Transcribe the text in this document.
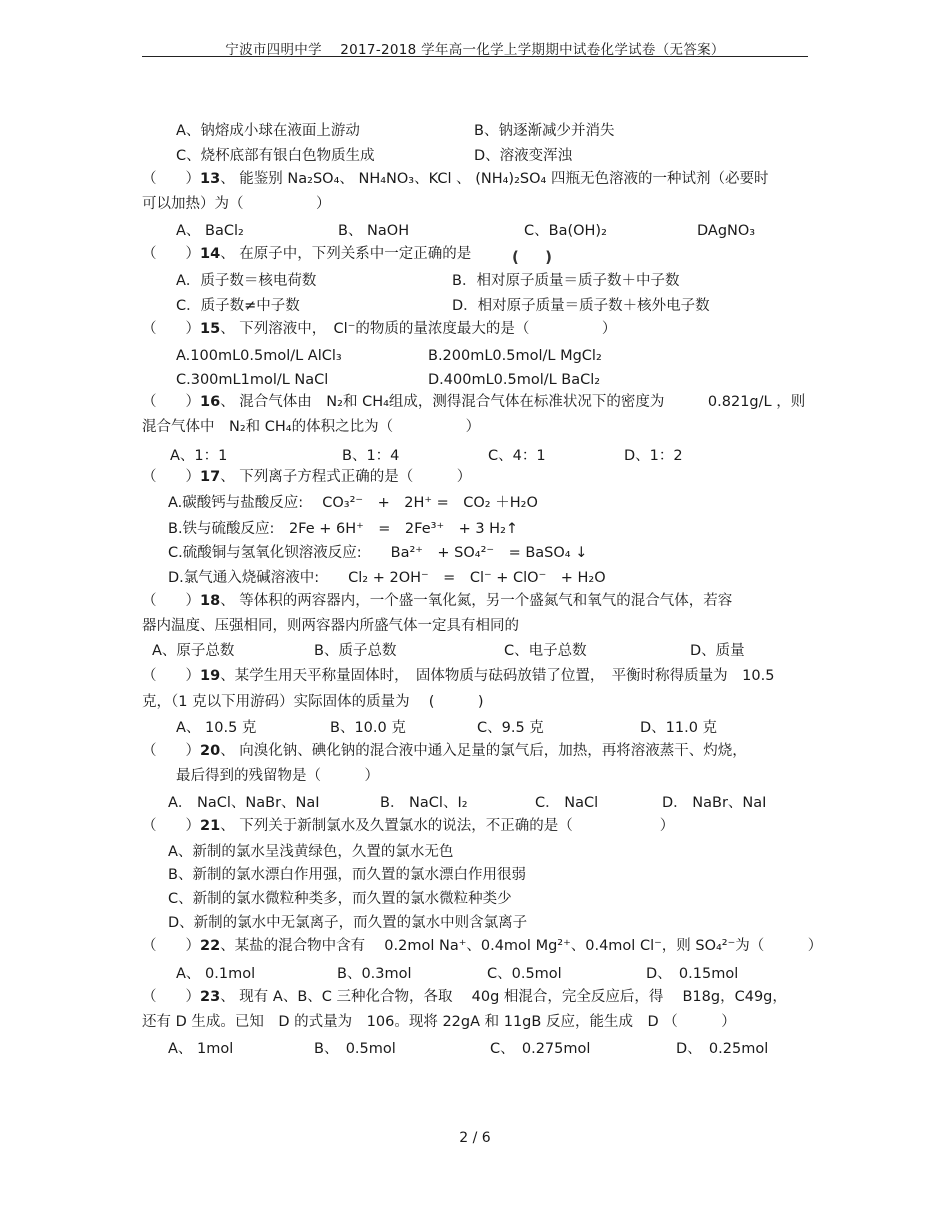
宁波市四明中学　 2017-2018 学年高一化学上学期期中试卷化学试卷（无答案）
A、钠熔成小球在液面上游动	B、钠逐渐减少并消失
C、烧杯底部有银白色物质生成	D、溶液变浑浊
（　　）13、 能鉴别 Na₂SO₄、 NH₄NO₃、KCl 、 (NH₄)₂SO₄ 四瓶无色溶液的一种试剂（必要时
可以加热）为（　　　　　）
A、 BaCl₂	B、 NaOH	C、Ba(OH)₂	DAgNO₃
（　　）14、 在原子中，下列关系中一定正确的是	(　 )
A．质子数＝核电荷数	B．相对原子质量＝质子数＋中子数
C．质子数≠中子数	D．相对原子质量＝质子数＋核外电子数
（　　）15、 下列溶液中，　Cl⁻的物质的量浓度最大的是（　　　　　）
A.100mL0.5mol/L AlCl₃	B.200mL0.5mol/L MgCl₂
C.300mL1mol/L NaCl	D.400mL0.5mol/L BaCl₂
（　　）16、 混合气体由　N₂和 CH₄组成，测得混合气体在标准状况下的密度为　　　0.821g/L ，则
混合气体中　N₂和 CH₄的体积之比为（　　　　　）
A、1：1	B、1：4	C、4：1	D、1：2
（　　）17、 下列离子方程式正确的是（　　　）
A.碳酸钙与盐酸反应:　 CO₃²⁻　+　2H⁺ =　CO₂ ＋H₂O
B.铁与硫酸反应:　2Fe + 6H⁺　=　2Fe³⁺　+ 3 H₂↑
C.硫酸铜与氢氧化钡溶液反应:　　Ba²⁺　+ SO₄²⁻　= BaSO₄ ↓
D.氯气通入烧碱溶液中:　　Cl₂ + 2OH⁻　=　Cl⁻ + ClO⁻　+ H₂O
（　　）18、 等体积的两容器内，一个盛一氧化氮，另一个盛氮气和氧气的混合气体，若容
器内温度、压强相同，则两容器内所盛气体一定具有相同的
A、原子总数	B、质子总数	C、电子总数	D、质量
（　　）19、某学生用天平称量固体时，　固体物质与砝码放错了位置，　平衡时称得质量为　10.5
克，（1 克以下用游码）实际固体的质量为　 (　　　)
A、 10.5 克	B、10.0 克	C、9.5 克	D、11.0 克
（　　）20、 向溴化钠、碘化钠的混合液中通入足量的氯气后，加热，再将溶液蒸干、灼烧，
最后得到的残留物是（　　　）
A． NaCl、NaBr、NaI	B． NaCl、I₂	C． NaCl	D． NaBr、NaI
（　　）21、 下列关于新制氯水及久置氯水的说法，不正确的是（　　　　　　）
A、新制的氯水呈浅黄绿色，久置的氯水无色
B、新制的氯水漂白作用强，而久置的氯水漂白作用很弱
C、新制的氯水微粒种类多，而久置的氯水微粒种类少
D、新制的氯水中无氯离子，而久置的氯水中则含氯离子
（　　）22、某盐的混合物中含有　 0.2mol Na⁺、0.4mol Mg²⁺、0.4mol Cl⁻，则 SO₄²⁻为（　　　）
A、 0.1mol	B、0.3mol	C、0.5mol	D、　0.15mol
（　　）23、 现有 A、B、C 三种化合物，各取　 40g 相混合，完全反应后，得　 B18g，C49g，
还有 D 生成。已知　D 的式量为　106。现将 22gA 和 11gB 反应，能生成　D （　　　）
A、 1mol	B、　0.5mol	C、　0.275mol	D、　0.25mol
2 / 6
